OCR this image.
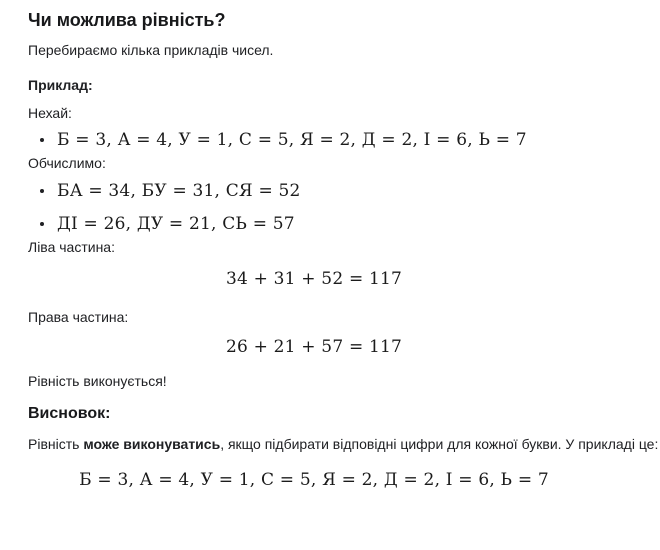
Чи можлива рівність?

Перебираємо кілька прикладів чисел.

Приклад:

Нехай:

Б = 3, А = 4, У = 1, С = 5, Я = 2, Д = 2, І = 6, Ь = 7

Обчислимо:

БА = 34, БУ = 31, СЯ = 52
ДІ = 26, ДУ = 21, СЬ = 57

Ліва частина:

34 + 31 + 52 = 117

Права частина:

26 + 21 + 57 = 117

Рівність виконується!

Висновок:

Рівність може виконуватись, якщо підбирати відповідні цифри для кожної букви. У прикладі це:

Б = 3, А = 4, У = 1, С = 5, Я = 2, Д = 2, І = 6, Ь = 7
